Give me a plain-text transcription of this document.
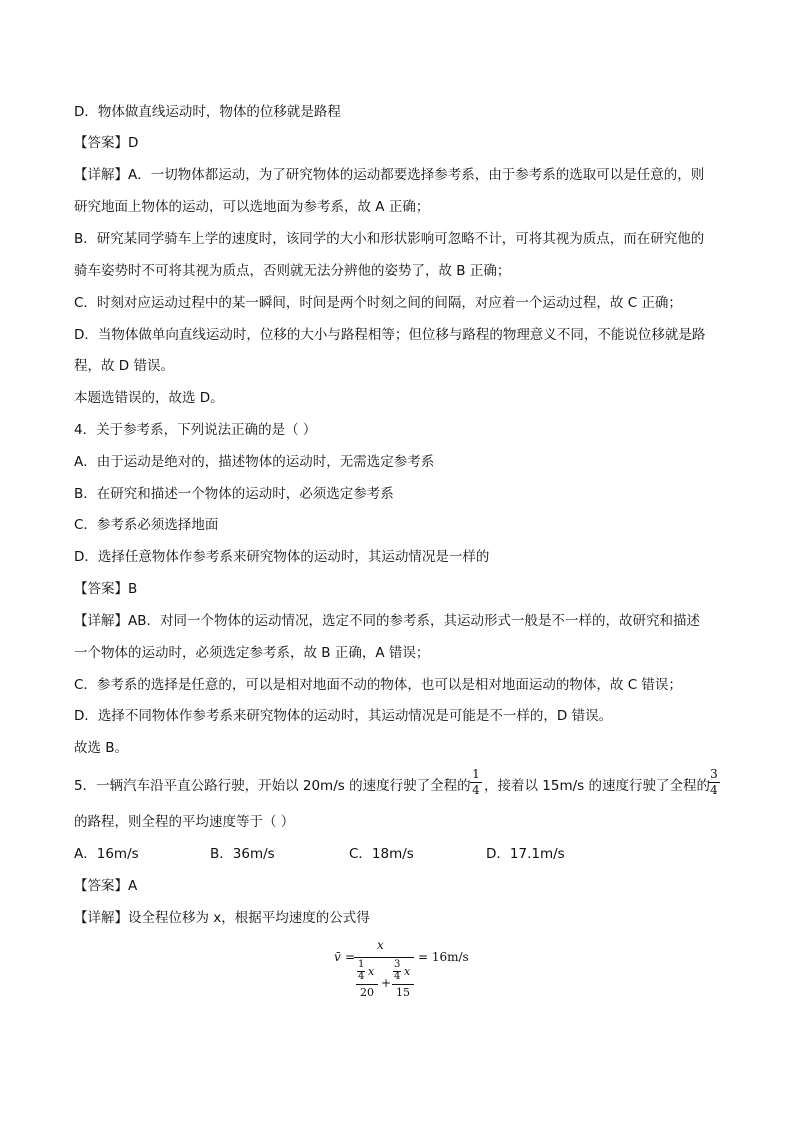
D．物体做直线运动时，物体的位移就是路程
【答案】D
【详解】A．一切物体都运动，为了研究物体的运动都要选择参考系，由于参考系的选取可以是任意的，则
研究地面上物体的运动，可以选地面为参考系，故 A 正确；
B．研究某同学骑车上学的速度时，该同学的大小和形状影响可忽略不计，可将其视为质点，而在研究他的
骑车姿势时不可将其视为质点，否则就无法分辨他的姿势了，故 B 正确；
C．时刻对应运动过程中的某一瞬间，时间是两个时刻之间的间隔，对应着一个运动过程，故 C 正确；
D．当物体做单向直线运动时，位移的大小与路程相等；但位移与路程的物理意义不同，不能说位移就是路
程，故 D 错误。
本题选错误的，故选 D。
4．关于参考系，下列说法正确的是（ ）
A．由于运动是绝对的，描述物体的运动时，无需选定参考系
B．在研究和描述一个物体的运动时，必须选定参考系
C．参考系必须选择地面
D．选择任意物体作参考系来研究物体的运动时，其运动情况是一样的
【答案】B
【详解】AB．对同一个物体的运动情况，选定不同的参考系，其运动形式一般是不一样的，故研究和描述
一个物体的运动时，必须选定参考系，故 B 正确，A 错误；
C．参考系的选择是任意的，可以是相对地面不动的物体，也可以是相对地面运动的物体，故 C 错误；
D．选择不同物体作参考系来研究物体的运动时，其运动情况是可能是不一样的，D 错误。
故选 B。
5．一辆汽车沿平直公路行驶，开始以 20m/s 的速度行驶了全程的
1
4 ，接着以 15m/s 的速度行驶了全程的
3
4
的路程，则全程的平均速度等于（ ）
A．16m/s	B．36m/s	C．18m/s	D．17.1m/s
【答案】A
【详解】设全程位移为 x，根据平均速度的公式得
v̄ =
x
1
4 x
20
+
3
4 x
15
= 16m/s
